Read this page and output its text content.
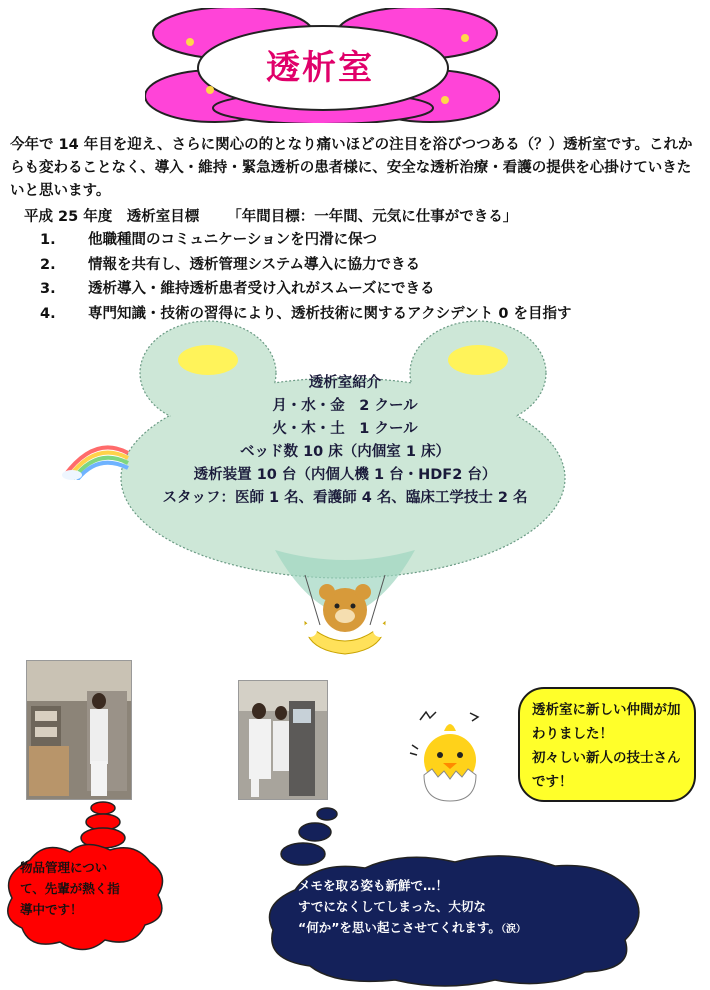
透析室
今年で 14 年目を迎え、さらに関心の的となり痛いほどの注目を浴びつつある（？）透析室です。これからも変わることなく、導入・維持・緊急透析の患者様に、安全な透析治療・看護の提供を心掛けていきたいと思います。
平成 25 年度　透析室目標 「年間目標：一年間、元気に仕事ができる」
1. 他職種間のコミュニケーションを円滑に保つ
2. 情報を共有し、透析管理システム導入に協力できる
3. 透析導入・維持透析患者受け入れがスムーズにできる
4. 専門知識・技術の習得により、透析技術に関するアクシデント 0 を目指す
透析室紹介
月・水・金　2 クール
火・木・土　1 クール
ベッド数 10 床（内個室 1 床）
透析装置 10 台（内個人機 1 台・HDF2 台）
スタッフ：医師 1 名、看護師 4 名、臨床工学技士 2 名
透析室に新しい仲間が加
わりました！
初々しい新人の技士さん
です！
物品管理につい
て、先輩が熱く指
導中です！
メモを取る姿も新鮮で…！
すでになくしてしまった、大切な
“何か”を思い起こさせてくれます。（涙）
